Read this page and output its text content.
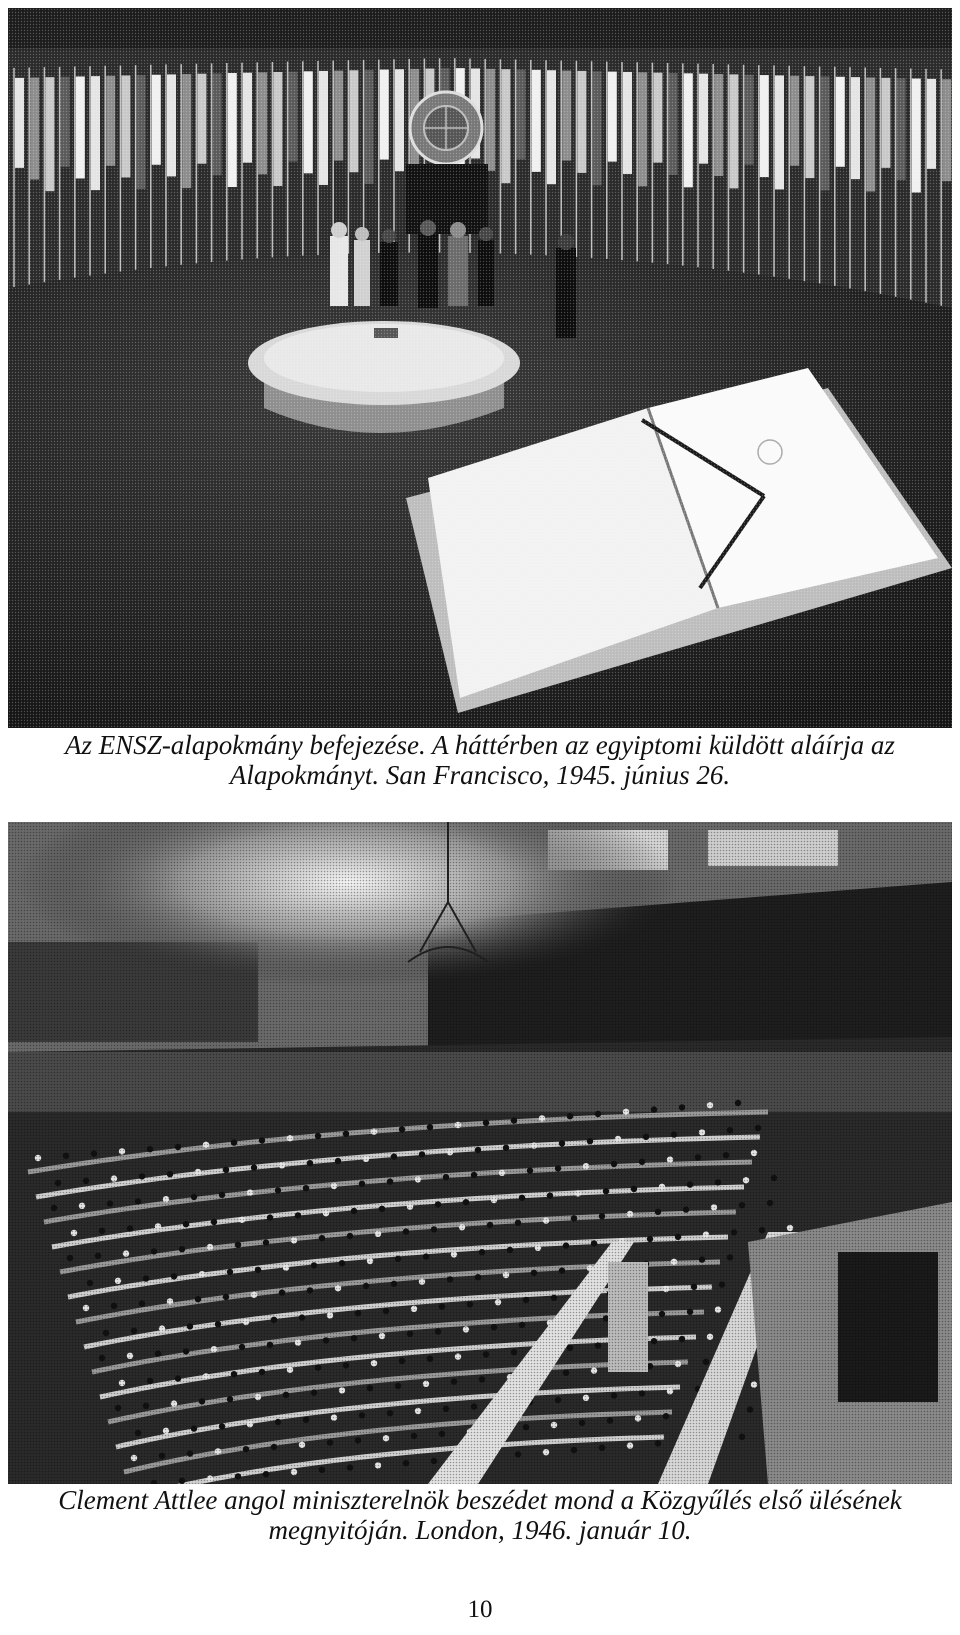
Az ENSZ-alapokmány befejezése. A háttérben az egyiptomi küldött aláírja az
Alapokmányt. San Francisco, 1945. június 26.

Clement Attlee angol miniszterelnök beszédet mond a Közgyűlés első ülésének
megnyitóján. London, 1946. január 10.

10
